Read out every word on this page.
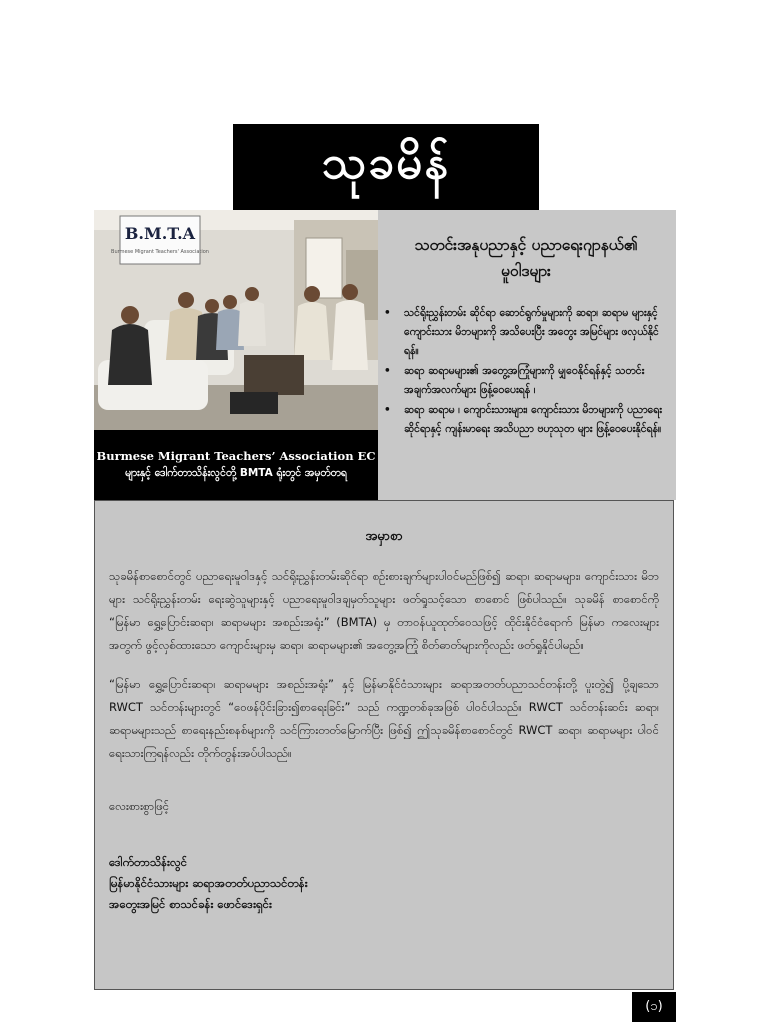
သုခမိန်
B.M.T.A
Burmese Migrant Teachers' Association
Burmese Migrant Teachers’ Association EC
များနှင့် ဒေါက်တာသိန်းလွင်တို့ BMTA ရုံးတွင် အမှတ်တရ
သတင်းအနုပညာနှင့် ပညာရေးဂျာနယ်၏
မူဝါဒများ
• သင်ရိုးညွှန်းတမ်း ဆိုင်ရာ ဆောင်ရွက်မှုများကို ဆရာ၊ ဆရာမ များနှင့် ကျောင်းသား မိဘများကို အသိပေးပြီး အတွေး အမြင်များ ဖလှယ်နိုင်ရန်။
• ဆရာ ဆရာမများ၏ အတွေ့အကြုံများကို မျှဝေနိုင်ရန်နှင့် သတင်း အချက်အလက်များ ဖြန့်ဝေပေးရန် ၊
• ဆရာ ဆရာမ ၊ ကျောင်းသားများ၊ ကျောင်းသား မိဘများကို ပညာရေး ဆိုင်ရာနှင့် ကျန်းမာရေး အသိပညာ ဗဟုသုတ များ ဖြန့်ဝေပေးနိုင်ရန်။
အမှာစာ

သုခမိန်စာစောင်တွင် ပညာရေးမူဝါဒနှင့် သင်ရိုးညွှန်းတမ်းဆိုင်ရာ စဉ်းစားချက်များပါဝင်မည်ဖြစ်၍ ဆရာ၊ ဆရာမများ၊ ကျောင်းသား မိဘများ သင်ရိုးညွှန်းတမ်း ရေးဆွဲသူများနှင့် ပညာရေးမူဝါဒချမှတ်သူများ ဖတ်ရှုသင့်သော စာစောင် ဖြစ်ပါသည်။ သုခမိန် စာစောင်ကို “မြန်မာ ရွှေ့ပြောင်းဆရာ၊ ဆရာမများ အစည်းအရုံး” (BMTA) မှ တာဝန်ယူထုတ်ဝေသဖြင့် ထိုင်းနိုင်ငံရောက် မြန်မာ ကလေးများ အတွက် ဖွင့်လှစ်ထားသော ကျောင်းများမှ ဆရာ၊ ဆရာမများ၏ အတွေ့အကြုံ စိတ်ဓာတ်များကိုလည်း ဖတ်ရှုနိုင်ပါမည်။

“မြန်မာ ရွှေ့ပြောင်းဆရာ၊ ဆရာမများ အစည်းအရုံး” နှင့် မြန်မာနိုင်ငံသားများ ဆရာအတတ်ပညာသင်တန်းတို့ ပူးတွဲ၍ ပို့ချသော RWCT သင်တန်းများတွင် “ဝေဖန်ပိုင်းခြား၍စာရေးခြင်း” သည် ကဏ္ဍတစ်ခုအဖြစ် ပါဝင်ပါသည်။ RWCT သင်တန်းဆင်း ဆရာ၊ ဆရာမများသည် စာရေးနည်းစနစ်များကို သင်ကြားတတ်မြောက်ပြီး ဖြစ်၍ ဤသုခမိန်စာစောင်တွင် RWCT ဆရာ၊ ဆရာမများ ပါဝင် ရေးသားကြရန်လည်း တိုက်တွန်းအပ်ပါသည်။

လေးစားစွာဖြင့်
ဒေါက်တာသိန်းလွင်
မြန်မာနိုင်ငံသားများ ဆရာအတတ်ပညာသင်တန်း
အတွေးအမြင် စာသင်ခန်း ဖောင်ဒေးရှင်း
(၁)
